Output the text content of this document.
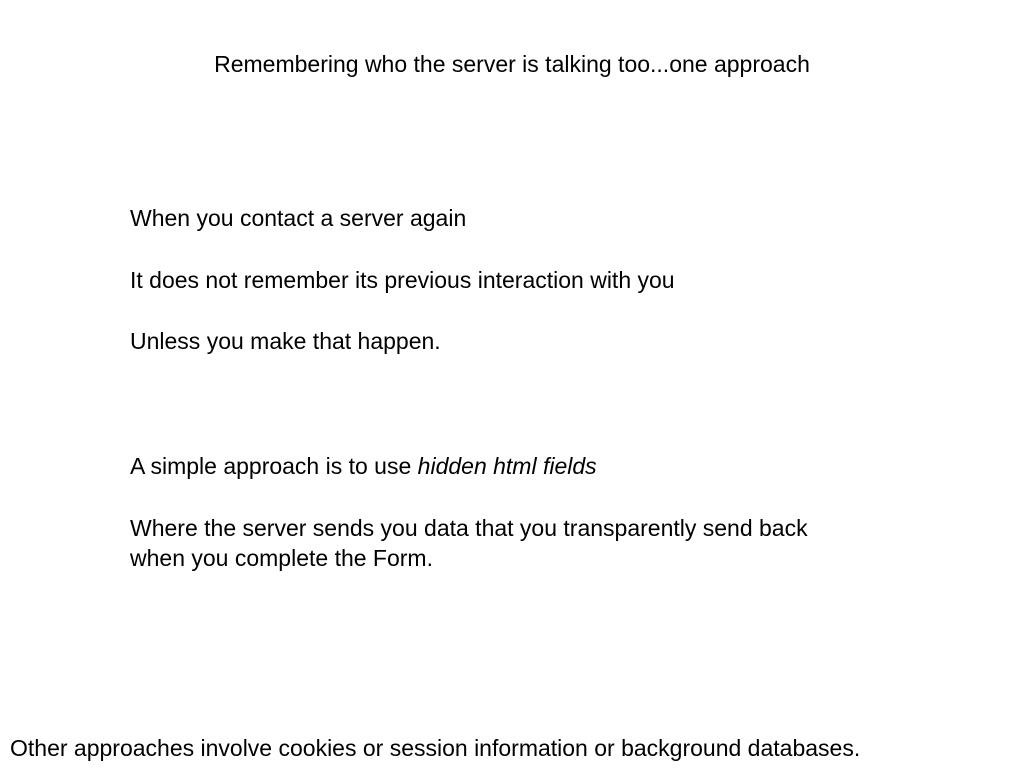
Remembering who the server is talking too...one approach
When you contact a server again
It does not remember its previous interaction with you
Unless you make that happen.
A simple approach is to use hidden html fields
Where the server sends you data that you transparently send back
when you complete the Form.
Other approaches involve cookies or session information or background databases.
